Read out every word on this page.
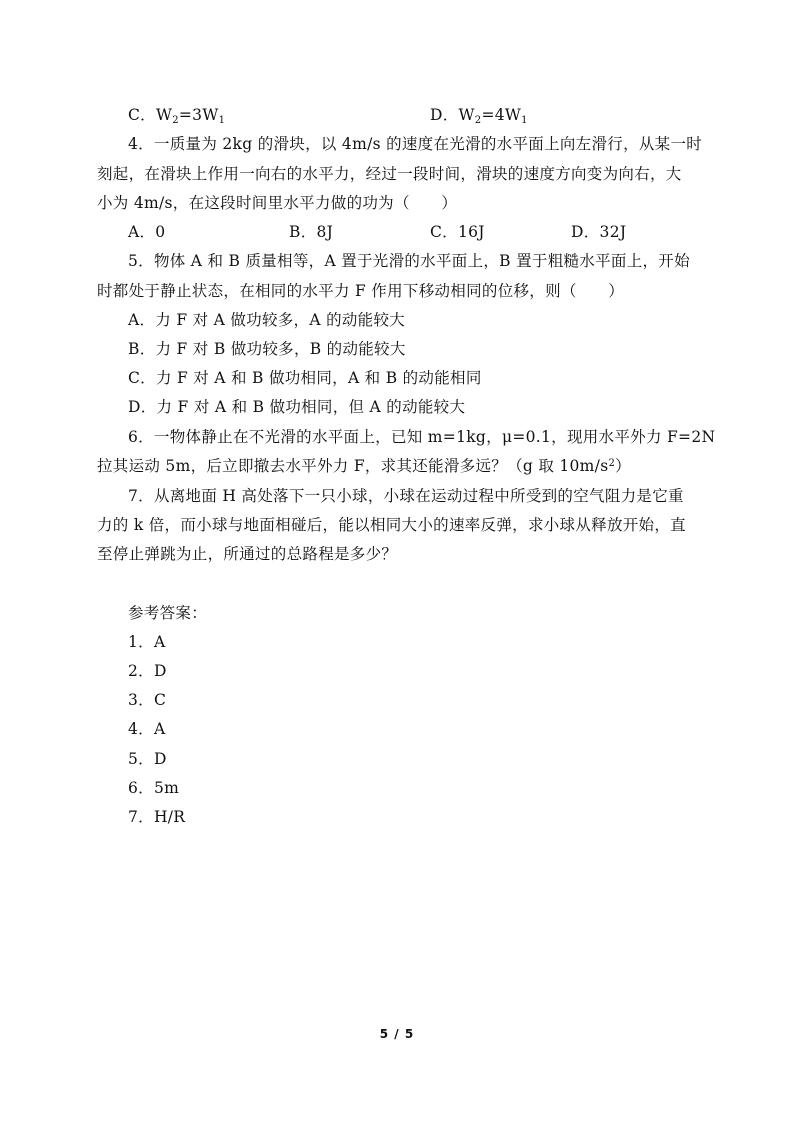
C．$W_2=3W_1$	D．$W_2=4W_1$
4．一质量为 2kg 的滑块，以 4m/s 的速度在光滑的水平面上向左滑行，从某一时
刻起，在滑块上作用一向右的水平力，经过一段时间，滑块的速度方向变为向右，大
小为 4m/s，在这段时间里水平力做的功为（　　）
A．0	B．8J	C．16J	D．32J
5．物体 A 和 B 质量相等，A 置于光滑的水平面上，B 置于粗糙水平面上，开始
时都处于静止状态，在相同的水平力 F 作用下移动相同的位移，则（　　）
A．力 F 对 A 做功较多，A 的动能较大
B．力 F 对 B 做功较多，B 的动能较大
C．力 F 对 A 和 B 做功相同，A 和 B 的动能相同
D．力 F 对 A 和 B 做功相同，但 A 的动能较大
6．一物体静止在不光滑的水平面上，已知 m=1kg，μ=0.1，现用水平外力 F=2N
拉其运动 5m，后立即撤去水平外力 F，求其还能滑多远？（g 取 $10m/s^2$）
7．从离地面 H 高处落下一只小球，小球在运动过程中所受到的空气阻力是它重
力的 k 倍，而小球与地面相碰后，能以相同大小的速率反弹，求小球从释放开始，直
至停止弹跳为止，所通过的总路程是多少？
参考答案：
1．A
2．D
3．C
4．A
5．D
6．5m
7．H/R
5 / 5
